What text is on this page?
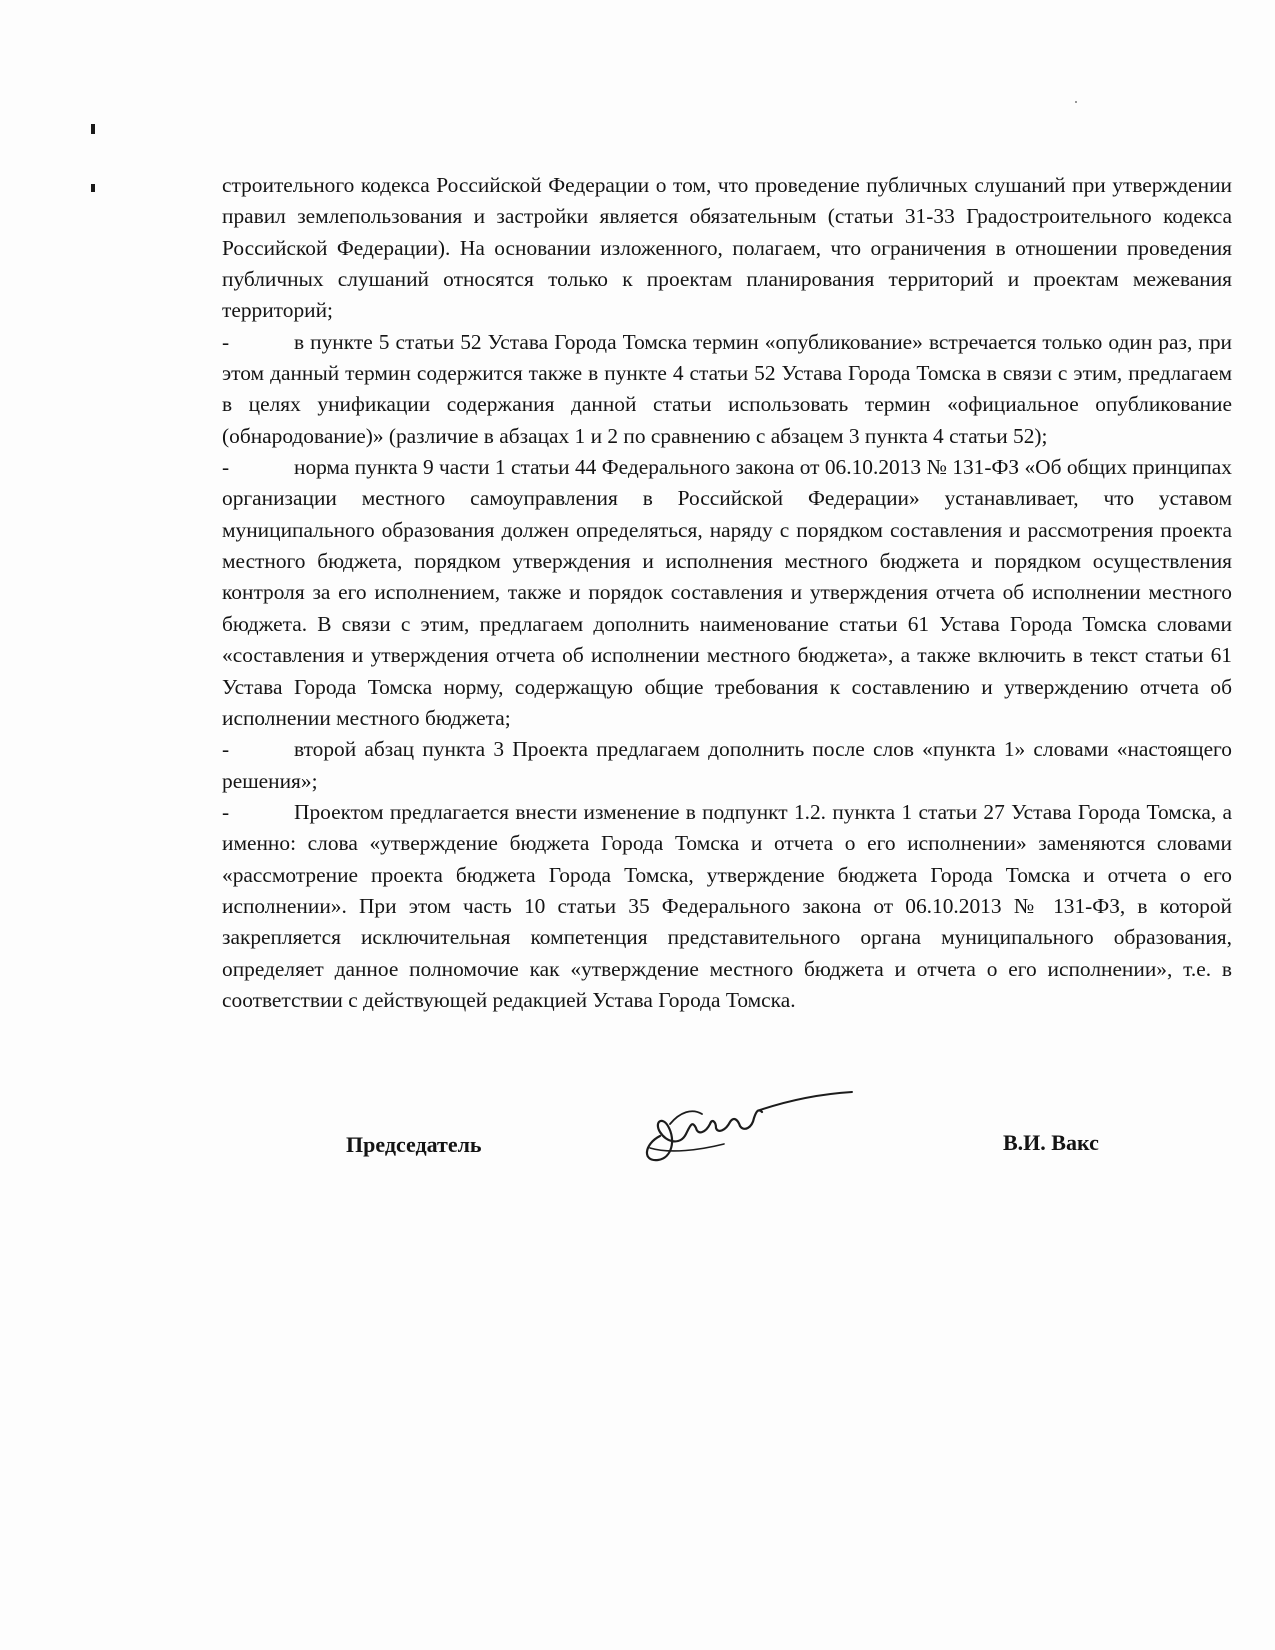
строительного кодекса Российской Федерации о том, что проведение публичных слушаний при утверждении правил землепользования и застройки является обязательным (статьи 31-33 Градостроительного кодекса Российской Федерации). На основании изложенного, полагаем, что ограничения в отношении проведения публичных слушаний относятся только к проектам планирования территорий и проектам межевания территорий;

-	в пункте 5 статьи 52 Устава Города Томска термин «опубликование» встречается только один раз, при этом данный термин содержится также в пункте 4 статьи 52 Устава Города Томска в связи с этим, предлагаем в целях унификации содержания данной статьи использовать термин «официальное опубликование (обнародование)» (различие в абзацах 1 и 2 по сравнению с абзацем 3 пункта 4 статьи 52);

-	норма пункта 9 части 1 статьи 44 Федерального закона от 06.10.2013 № 131-ФЗ «Об общих принципах организации местного самоуправления в Российской Федерации» устанавливает, что уставом муниципального образования должен определяться, наряду с порядком составления и рассмотрения проекта местного бюджета, порядком утверждения и исполнения местного бюджета и порядком осуществления контроля за его исполнением, также и порядок составления и утверждения отчета об исполнении местного бюджета. В связи с этим, предлагаем дополнить наименование статьи 61 Устава Города Томска словами «составления и утверждения отчета об исполнении местного бюджета», а также включить в текст статьи 61 Устава Города Томска норму, содержащую общие требования к составлению и утверждению отчета об исполнении местного бюджета;

-	второй абзац пункта 3 Проекта предлагаем дополнить после слов «пункта 1» словами «настоящего решения»;

-	Проектом предлагается внести изменение в подпункт 1.2. пункта 1 статьи 27 Устава Города Томска, а именно: слова «утверждение бюджета Города Томска и отчета о его исполнении» заменяются словами «рассмотрение проекта бюджета Города Томска, утверждение бюджета Города Томска и отчета о его исполнении». При этом часть 10 статьи 35 Федерального закона от 06.10.2013 № 131-ФЗ, в которой закрепляется исключительная компетенция представительного органа муниципального образования, определяет данное полномочие как «утверждение местного бюджета и отчета о его исполнении», т.е. в соответствии с действующей редакцией Устава Города Томска.

Председатель	В.И. Вакс
